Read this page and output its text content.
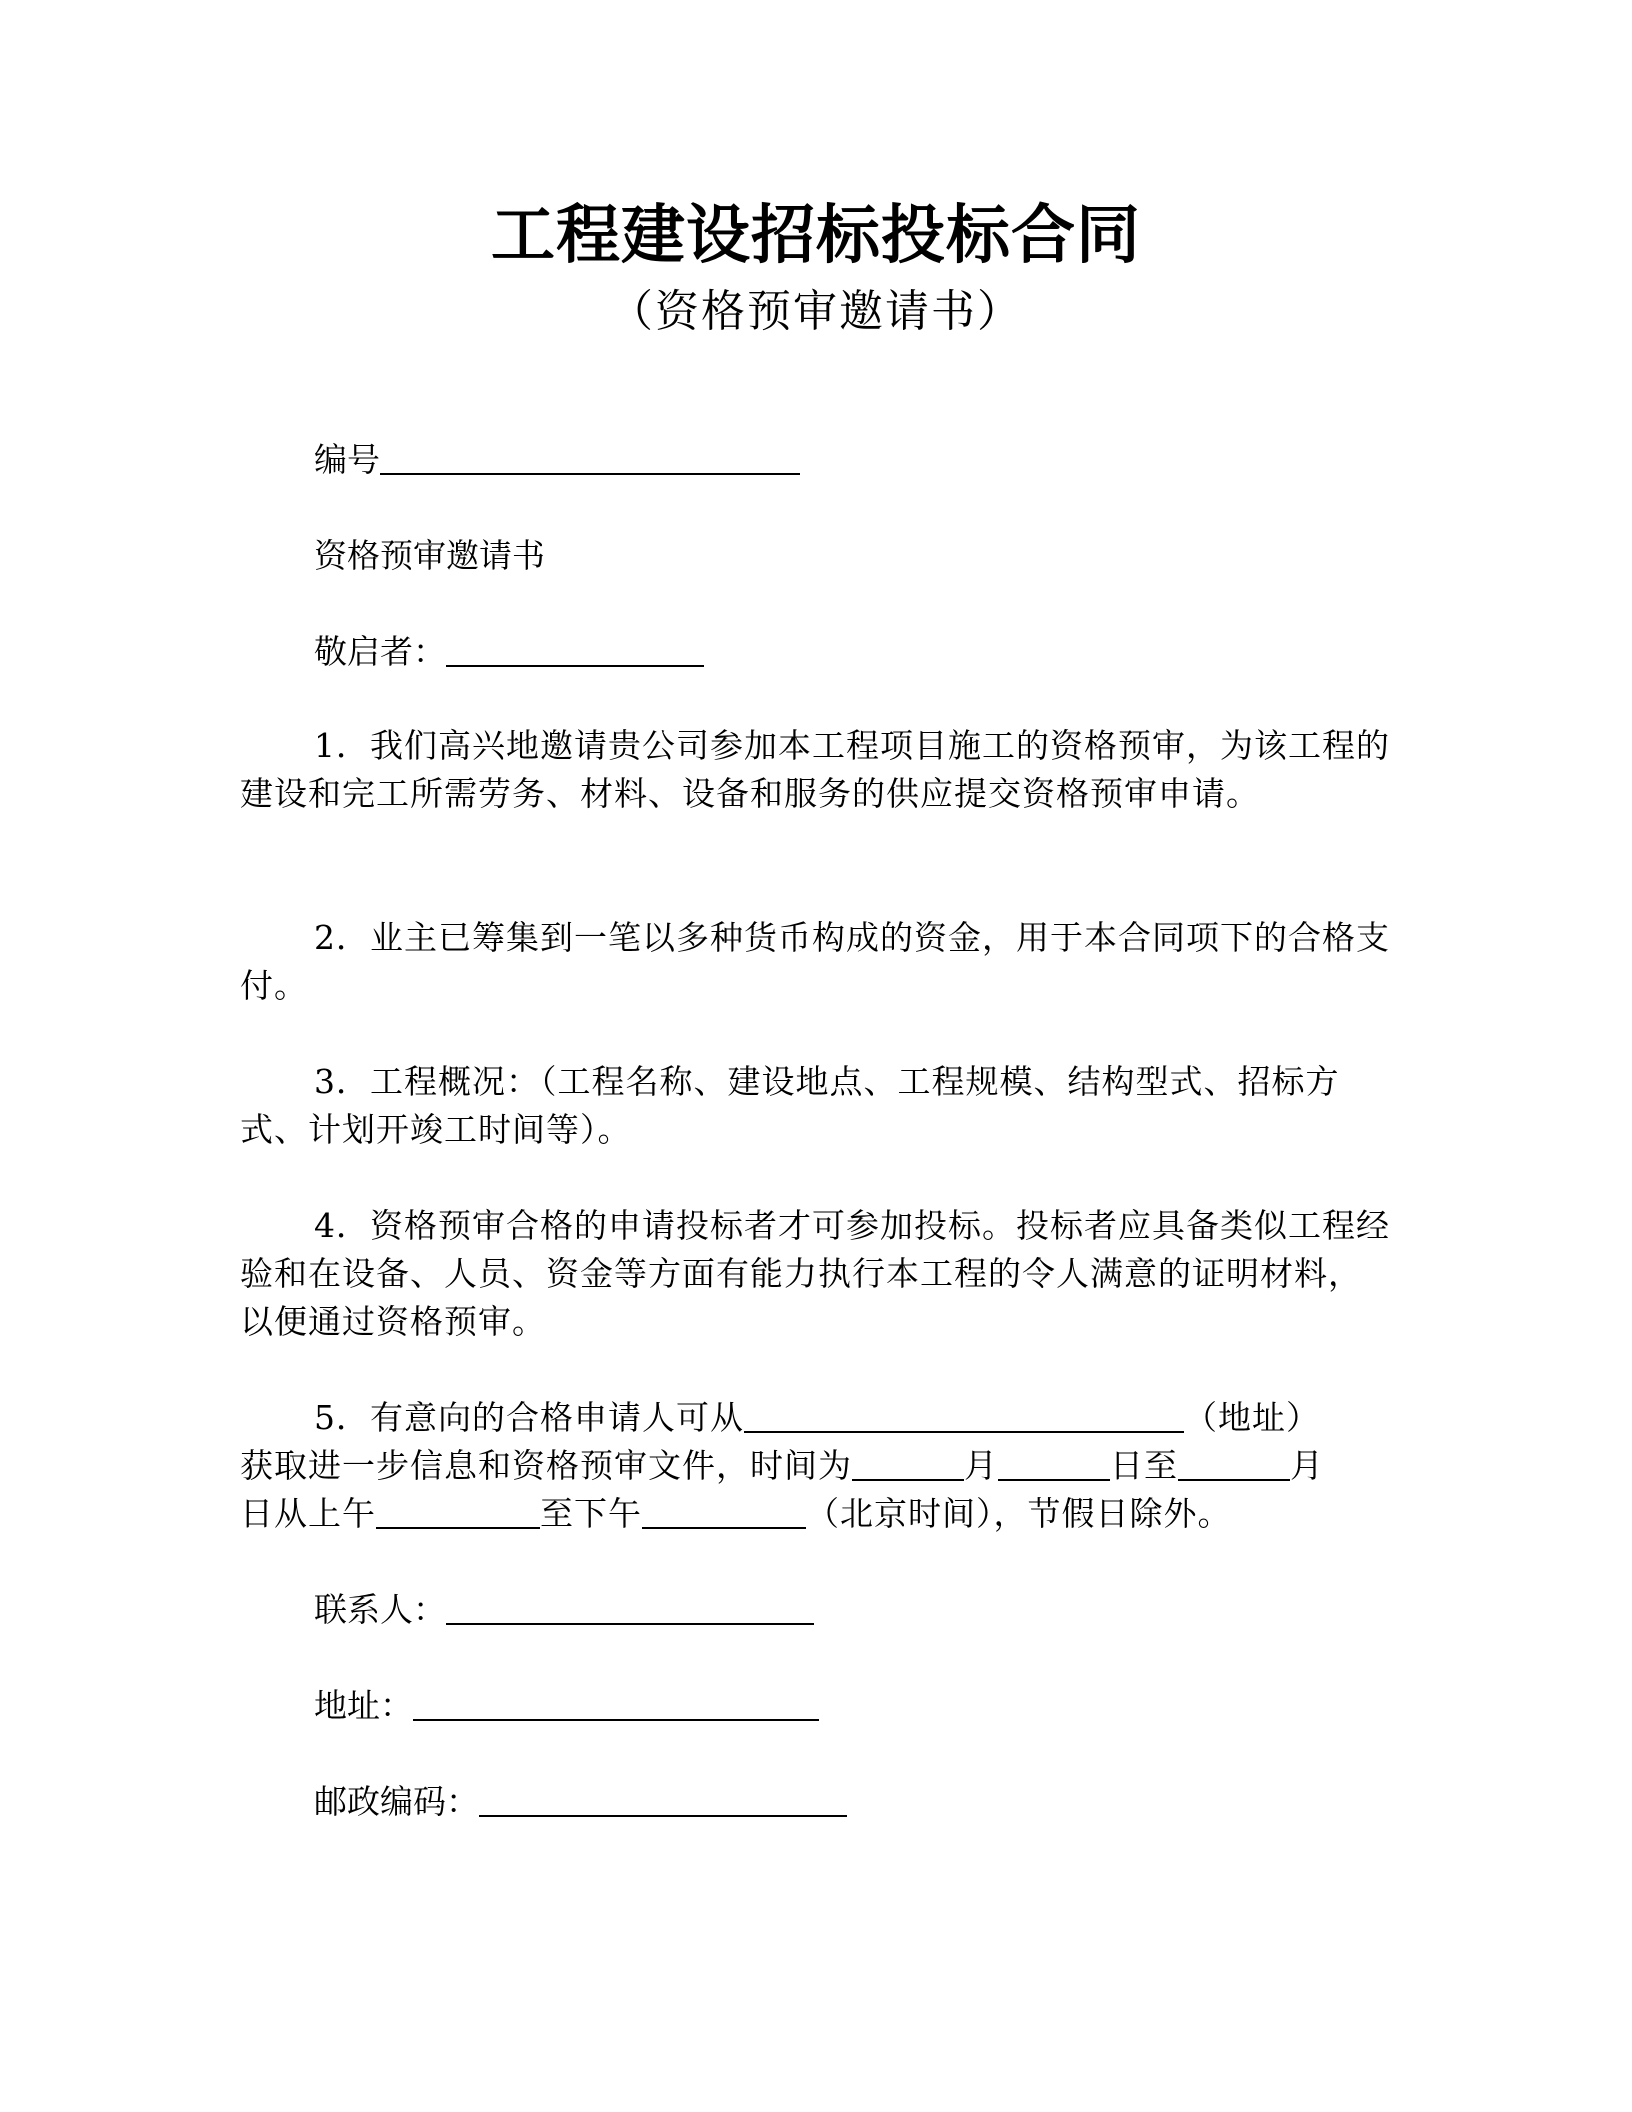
工程建设招标投标合同
（资格预审邀请书）
编号
资格预审邀请书
敬启者：

1．我们高兴地邀请贵公司参加本工程项目施工的资格预审，为该工程的建设和完工所需劳务、材料、设备和服务的供应提交资格预审申请。

2．业主已筹集到一笔以多种货币构成的资金，用于本合同项下的合格支付。

3．工程概况：（工程名称、建设地点、工程规模、结构型式、招标方式、计划开竣工时间等）。

4．资格预审合格的申请投标者才可参加投标。投标者应具备类似工程经验和在设备、人员、资金等方面有能力执行本工程的令人满意的证明材料，以便通过资格预审。

5．有意向的合格申请人可从	（地址）
获取进一步信息和资格预审文件，时间为	月	日至	月
日从上午	至下午	（北京时间），节假日除外。
联系人：
地址：
邮政编码：
